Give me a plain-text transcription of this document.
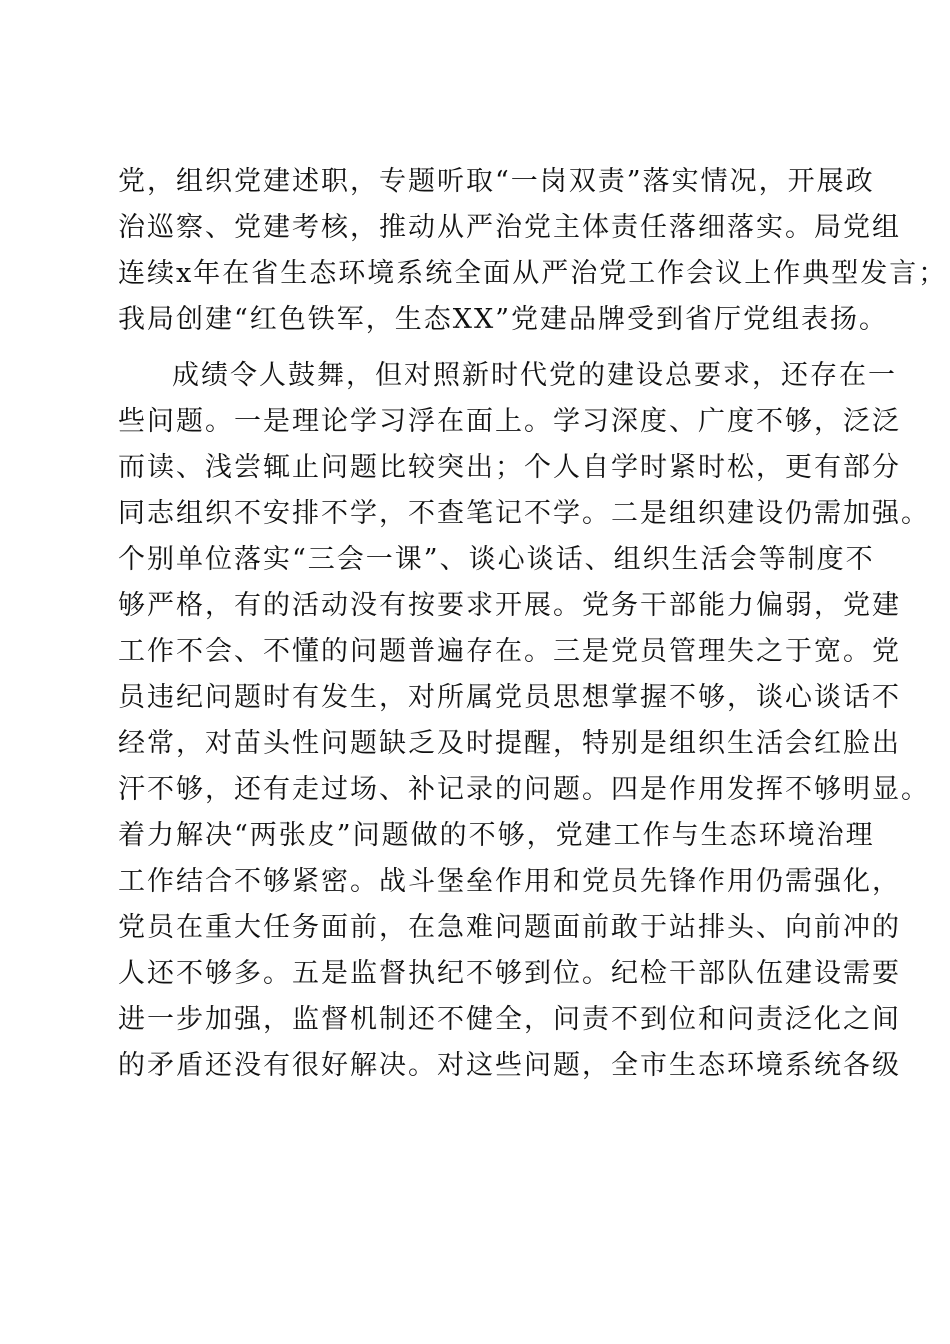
党，组织党建述职，专题听取“一岗双责”落实情况，开展政
治巡察、党建考核，推动从严治党主体责任落细落实。局党组
连续x年在省生态环境系统全面从严治党工作会议上作典型发言；
我局创建“红色铁军，生态XX”党建品牌受到省厅党组表扬。
成绩令人鼓舞，但对照新时代党的建设总要求，还存在一
些问题。一是理论学习浮在面上。学习深度、广度不够，泛泛
而读、浅尝辄止问题比较突出；个人自学时紧时松，更有部分
同志组织不安排不学，不查笔记不学。二是组织建设仍需加强。
个别单位落实“三会一课”、谈心谈话、组织生活会等制度不
够严格，有的活动没有按要求开展。党务干部能力偏弱，党建
工作不会、不懂的问题普遍存在。三是党员管理失之于宽。党
员违纪问题时有发生，对所属党员思想掌握不够，谈心谈话不
经常，对苗头性问题缺乏及时提醒，特别是组织生活会红脸出
汗不够，还有走过场、补记录的问题。四是作用发挥不够明显。
着力解决“两张皮”问题做的不够，党建工作与生态环境治理
工作结合不够紧密。战斗堡垒作用和党员先锋作用仍需强化，
党员在重大任务面前，在急难问题面前敢于站排头、向前冲的
人还不够多。五是监督执纪不够到位。纪检干部队伍建设需要
进一步加强，监督机制还不健全，问责不到位和问责泛化之间
的矛盾还没有很好解决。对这些问题，全市生态环境系统各级
